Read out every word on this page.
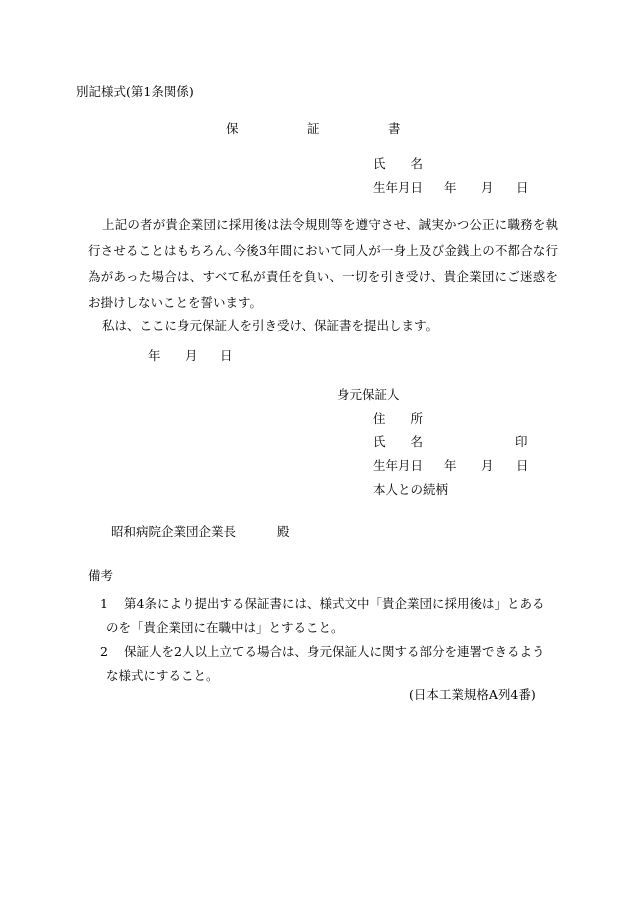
別記様式(第1条関係)
保	証	書
氏　　名
生年月日 年 月 日
上記の者が貴企業団に採用後は法令規則等を遵守させ、誠実かつ公正に職務を執行させることはもちろん､今後3年間において同人が一身上及び金銭上の不都合な行為があった場合は、すべて私が責任を負い、一切を引き受け、貴企業団にご迷惑をお掛けしないことを誓います。
私は、ここに身元保証人を引き受け、保証書を提出します。
年 月 日
身元保証人
住　　所
氏　　名	印
生年月日 年 月 日
本人との続柄
昭和病院企業団企業長	殿
備考
1	第4条により提出する保証書には、様式文中「貴企業団に採用後は」とあるのを「貴企業団に在職中は」とすること。
2	保証人を2人以上立てる場合は、身元保証人に関する部分を連署できるような様式にすること。
(日本工業規格A列4番)
